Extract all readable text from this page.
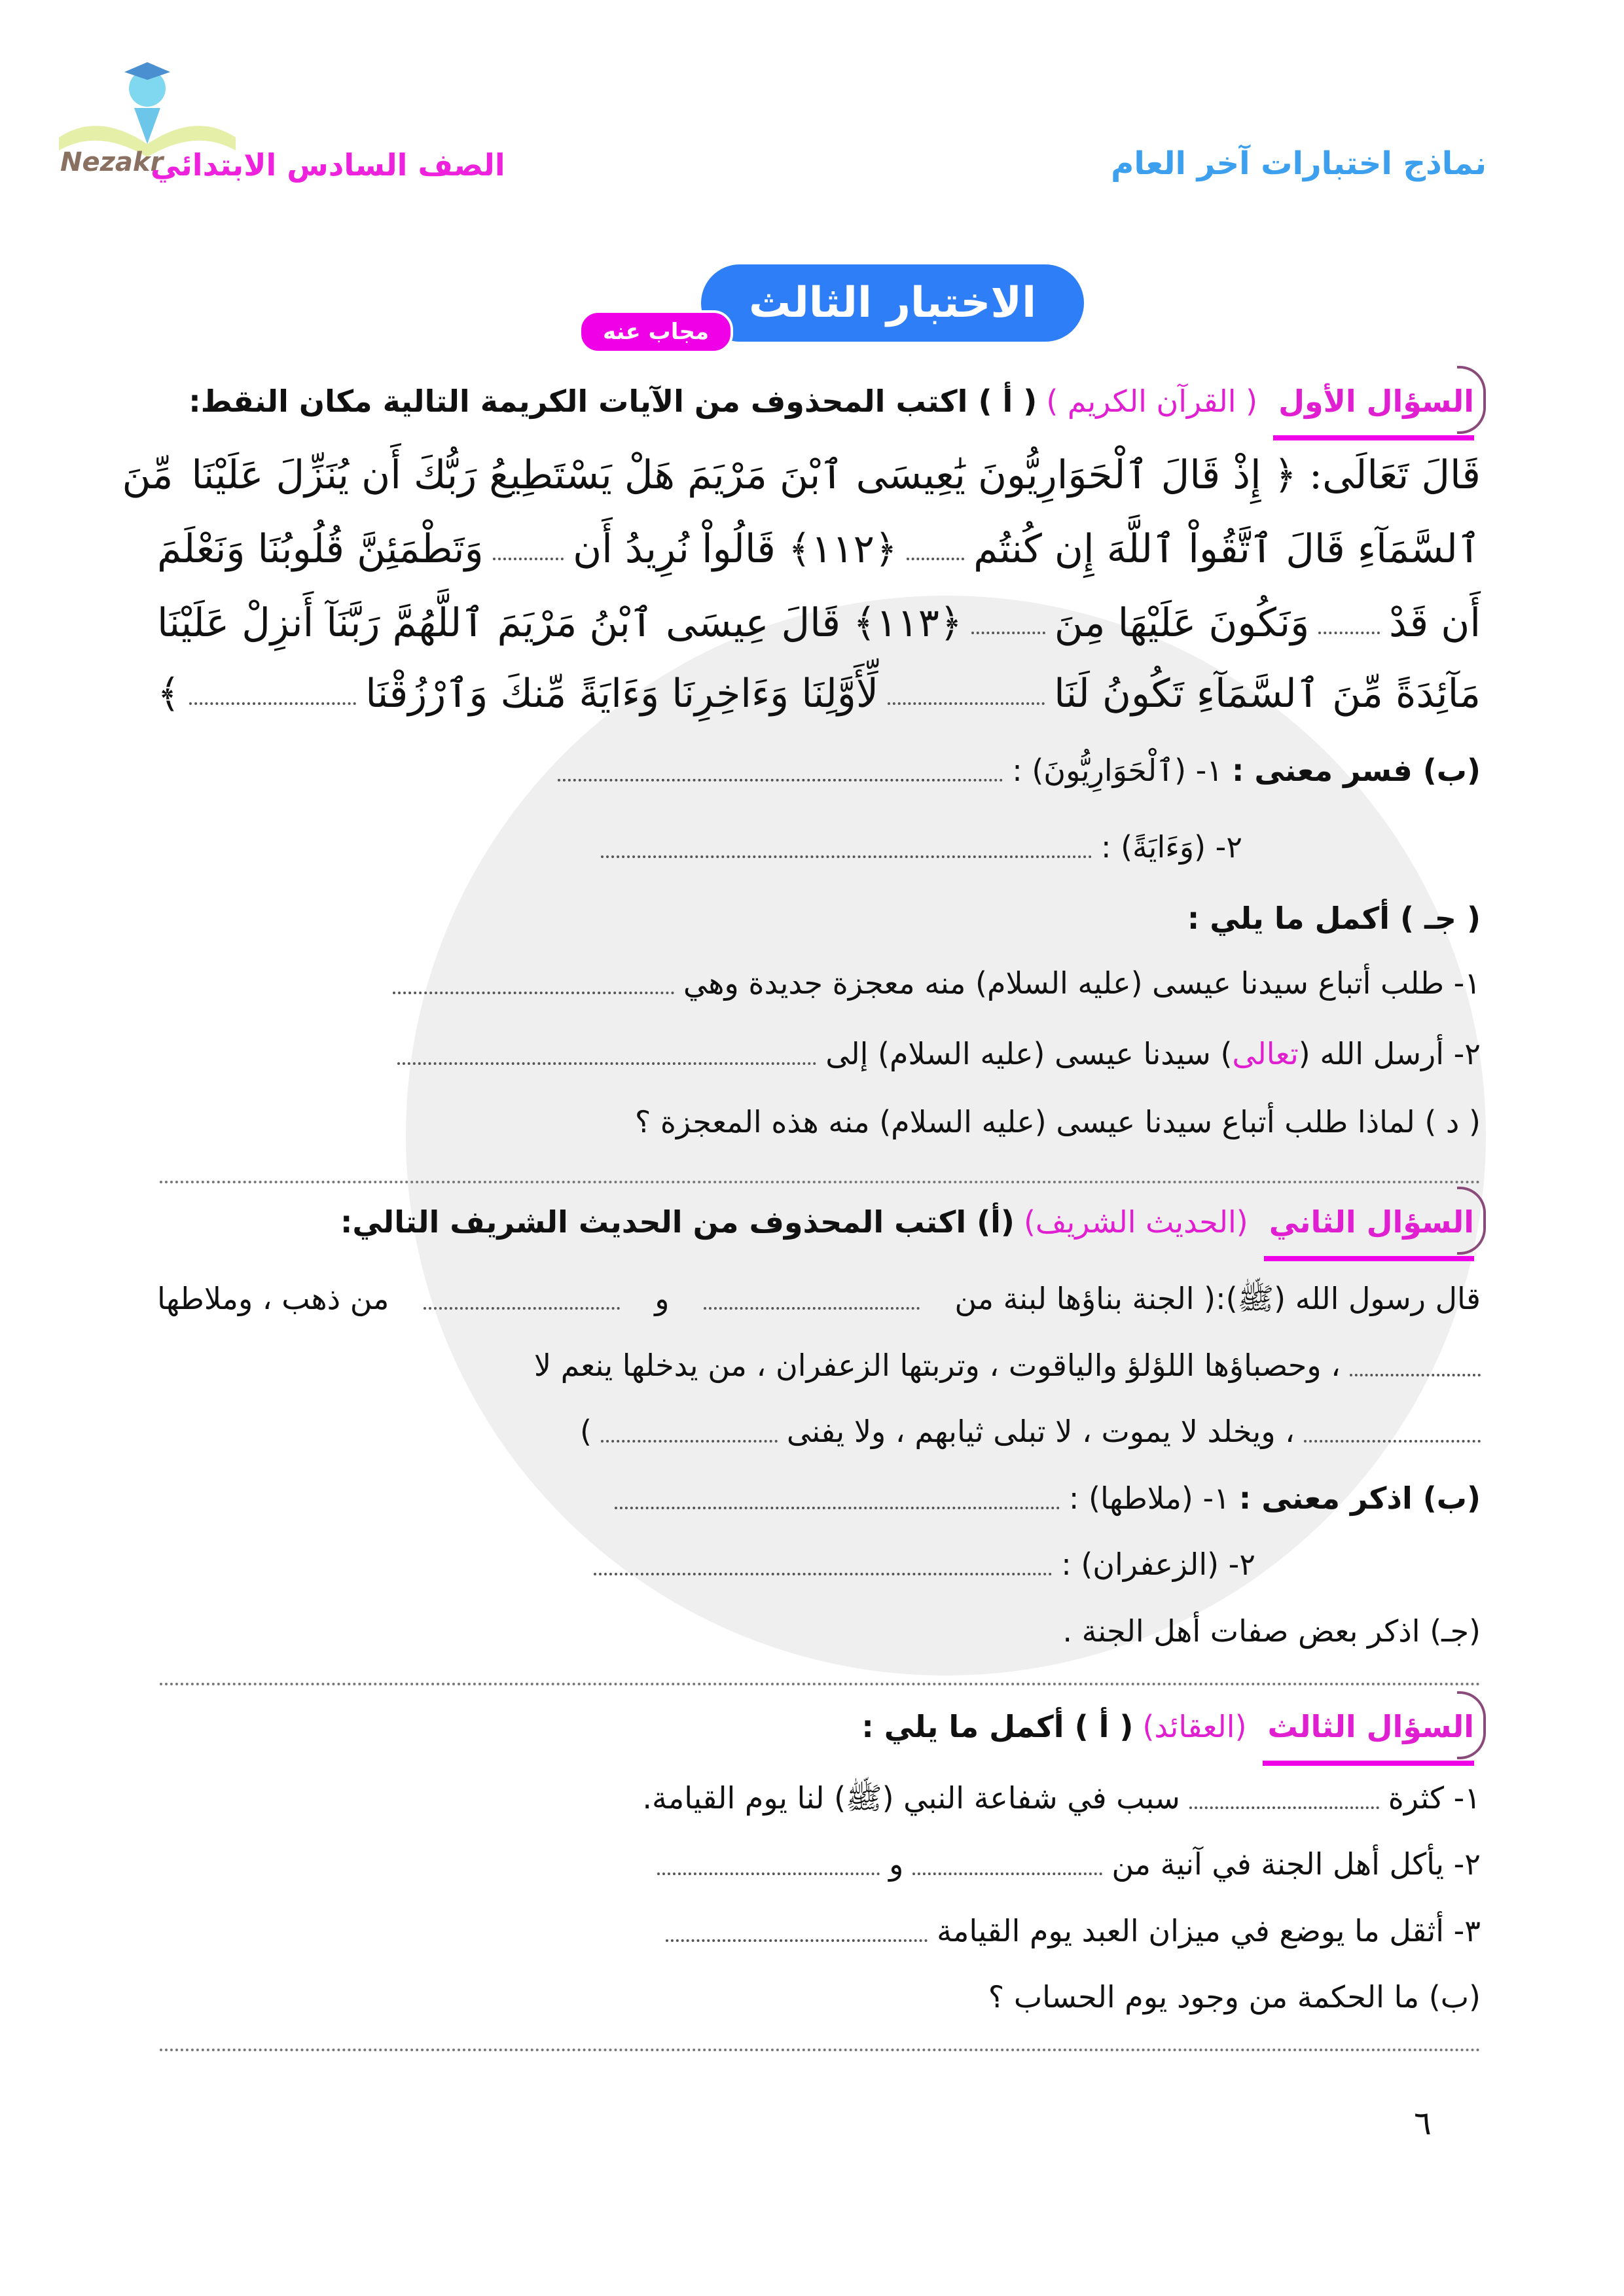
Nezakr
الصف السادس الابتدائي	نماذج اختبارات آخر العام
الاختبار الثالث
مجاب عنه
السؤال الأول
( القرآن الكريم )
( أ ) اكتب المحذوف من الآيات الكريمة التالية مكان النقط:
قَالَ تَعَالَى: ﴿ إِذْ قَالَ ٱلْحَوَارِيُّونَ يَٰعِيسَى ٱبْنَ مَرْيَمَ هَلْ يَسْتَطِيعُ رَبُّكَ أَن يُنَزِّلَ عَلَيْنَا
مِّنَ
ٱلسَّمَآءِ قَالَ ٱتَّقُواْ ٱللَّهَ إِن كُنتُم
﴿١١٢﴾ قَالُواْ نُرِيدُ أَن
وَتَطْمَئِنَّ قُلُوبُنَا وَنَعْلَمَ
أَن قَدْ
وَنَكُونَ عَلَيْهَا مِنَ
﴿١١٣﴾ قَالَ عِيسَى ٱبْنُ مَرْيَمَ ٱللَّهُمَّ رَبَّنَآ أَنزِلْ عَلَيْنَا
مَآئِدَةً مِّنَ ٱلسَّمَآءِ تَكُونُ لَنَا
لِّأَوَّلِنَا وَءَاخِرِنَا وَءَايَةً مِّنكَ وَٱرْزُقْنَا
﴾
(ب) فسر معنى :
١- (ٱلْحَوَارِيُّونَ) :
٢- (وَءَايَةً) :
( جـ ) أكمل ما يلي :
١- طلب أتباع سيدنا عيسى (عليه السلام) منه معجزة جديدة وهي
٢- أرسل الله (
تعالى
) سيدنا عيسى (عليه السلام) إلى
( د ) لماذا طلب أتباع سيدنا عيسى (عليه السلام) منه هذه المعجزة ؟
السؤال الثاني
(الحديث الشريف)
(أ) اكتب المحذوف من الحديث الشريف التالي:
قال رسول الله (ﷺ):( الجنة بناؤها لبنة من
و
من ذهب ، وملاطها
، وحصباؤها اللؤلؤ والياقوت ، وتربتها الزعفران ، من يدخلها ينعم لا
)	، ويخلد لا يموت ، لا تبلى ثيابهم ، ولا يفنى
(ب) اذكر معنى :
١- (ملاطها) :
٢- (الزعفران) :
(جـ) اذكر بعض صفات أهل الجنة .
السؤال الثالث
(العقائد)
( أ ) أكمل ما يلي :
١- كثرة
سبب في شفاعة النبي (ﷺ) لنا يوم القيامة.
٢- يأكل أهل الجنة في آنية من
و
٣- أثقل ما يوضع في ميزان العبد يوم القيامة
(ب) ما الحكمة من وجود يوم الحساب ؟
٦
